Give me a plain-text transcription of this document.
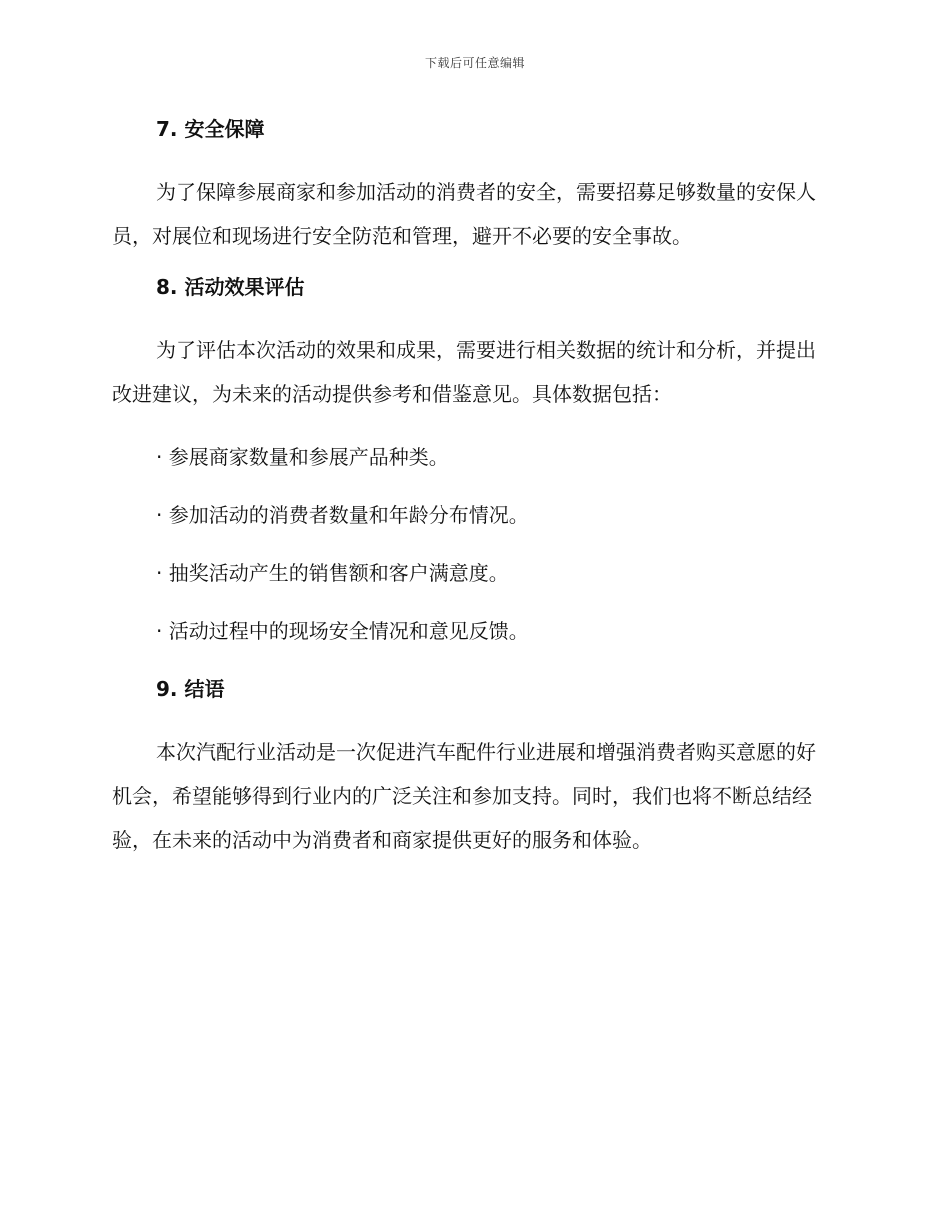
下载后可任意编辑
7. 安全保障

为了保障参展商家和参加活动的消费者的安全，需要招募足够数量的安保人员，对展位和现场进行安全防范和管理，避开不必要的安全事故。

8. 活动效果评估

为了评估本次活动的效果和成果，需要进行相关数据的统计和分析，并提出改进建议，为未来的活动提供参考和借鉴意见。具体数据包括：

· 参展商家数量和参展产品种类。
· 参加活动的消费者数量和年龄分布情况。
· 抽奖活动产生的销售额和客户满意度。
· 活动过程中的现场安全情况和意见反馈。
9. 结语

本次汽配行业活动是一次促进汽车配件行业进展和增强消费者购买意愿的好机会，希望能够得到行业内的广泛关注和参加支持。同时，我们也将不断总结经验，在未来的活动中为消费者和商家提供更好的服务和体验。
